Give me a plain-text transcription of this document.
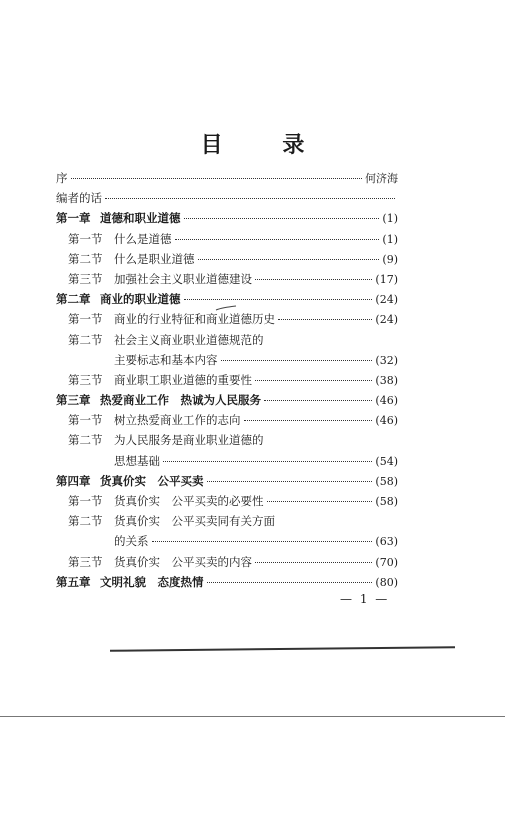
目 录
序	何济海
编者的话
第一章 道德和职业道德	(1)
第一节	什么是道德	(1)
第二节	什么是职业道德	(9)
第三节	加强社会主义职业道德建设	(17)
第二章 商业的职业道德	(24)
第一节	商业的行业特征和商业道德历史	(24)
第二节	社会主义商业职业道德规范的
主要标志和基本内容	(32)
第三节	商业职工职业道德的重要性	(38)
第三章 热爱商业工作　热诚为人民服务	(46)
第一节	树立热爱商业工作的志向	(46)
第二节	为人民服务是商业职业道德的
思想基础	(54)
第四章 货真价实　公平买卖	(58)
第一节	货真价实　公平买卖的必要性	(58)
第二节	货真价实　公平买卖同有关方面
的关系	(63)
第三节	货真价实　公平买卖的内容	(70)
第五章 文明礼貌　态度热情	(80)
— 1 —
